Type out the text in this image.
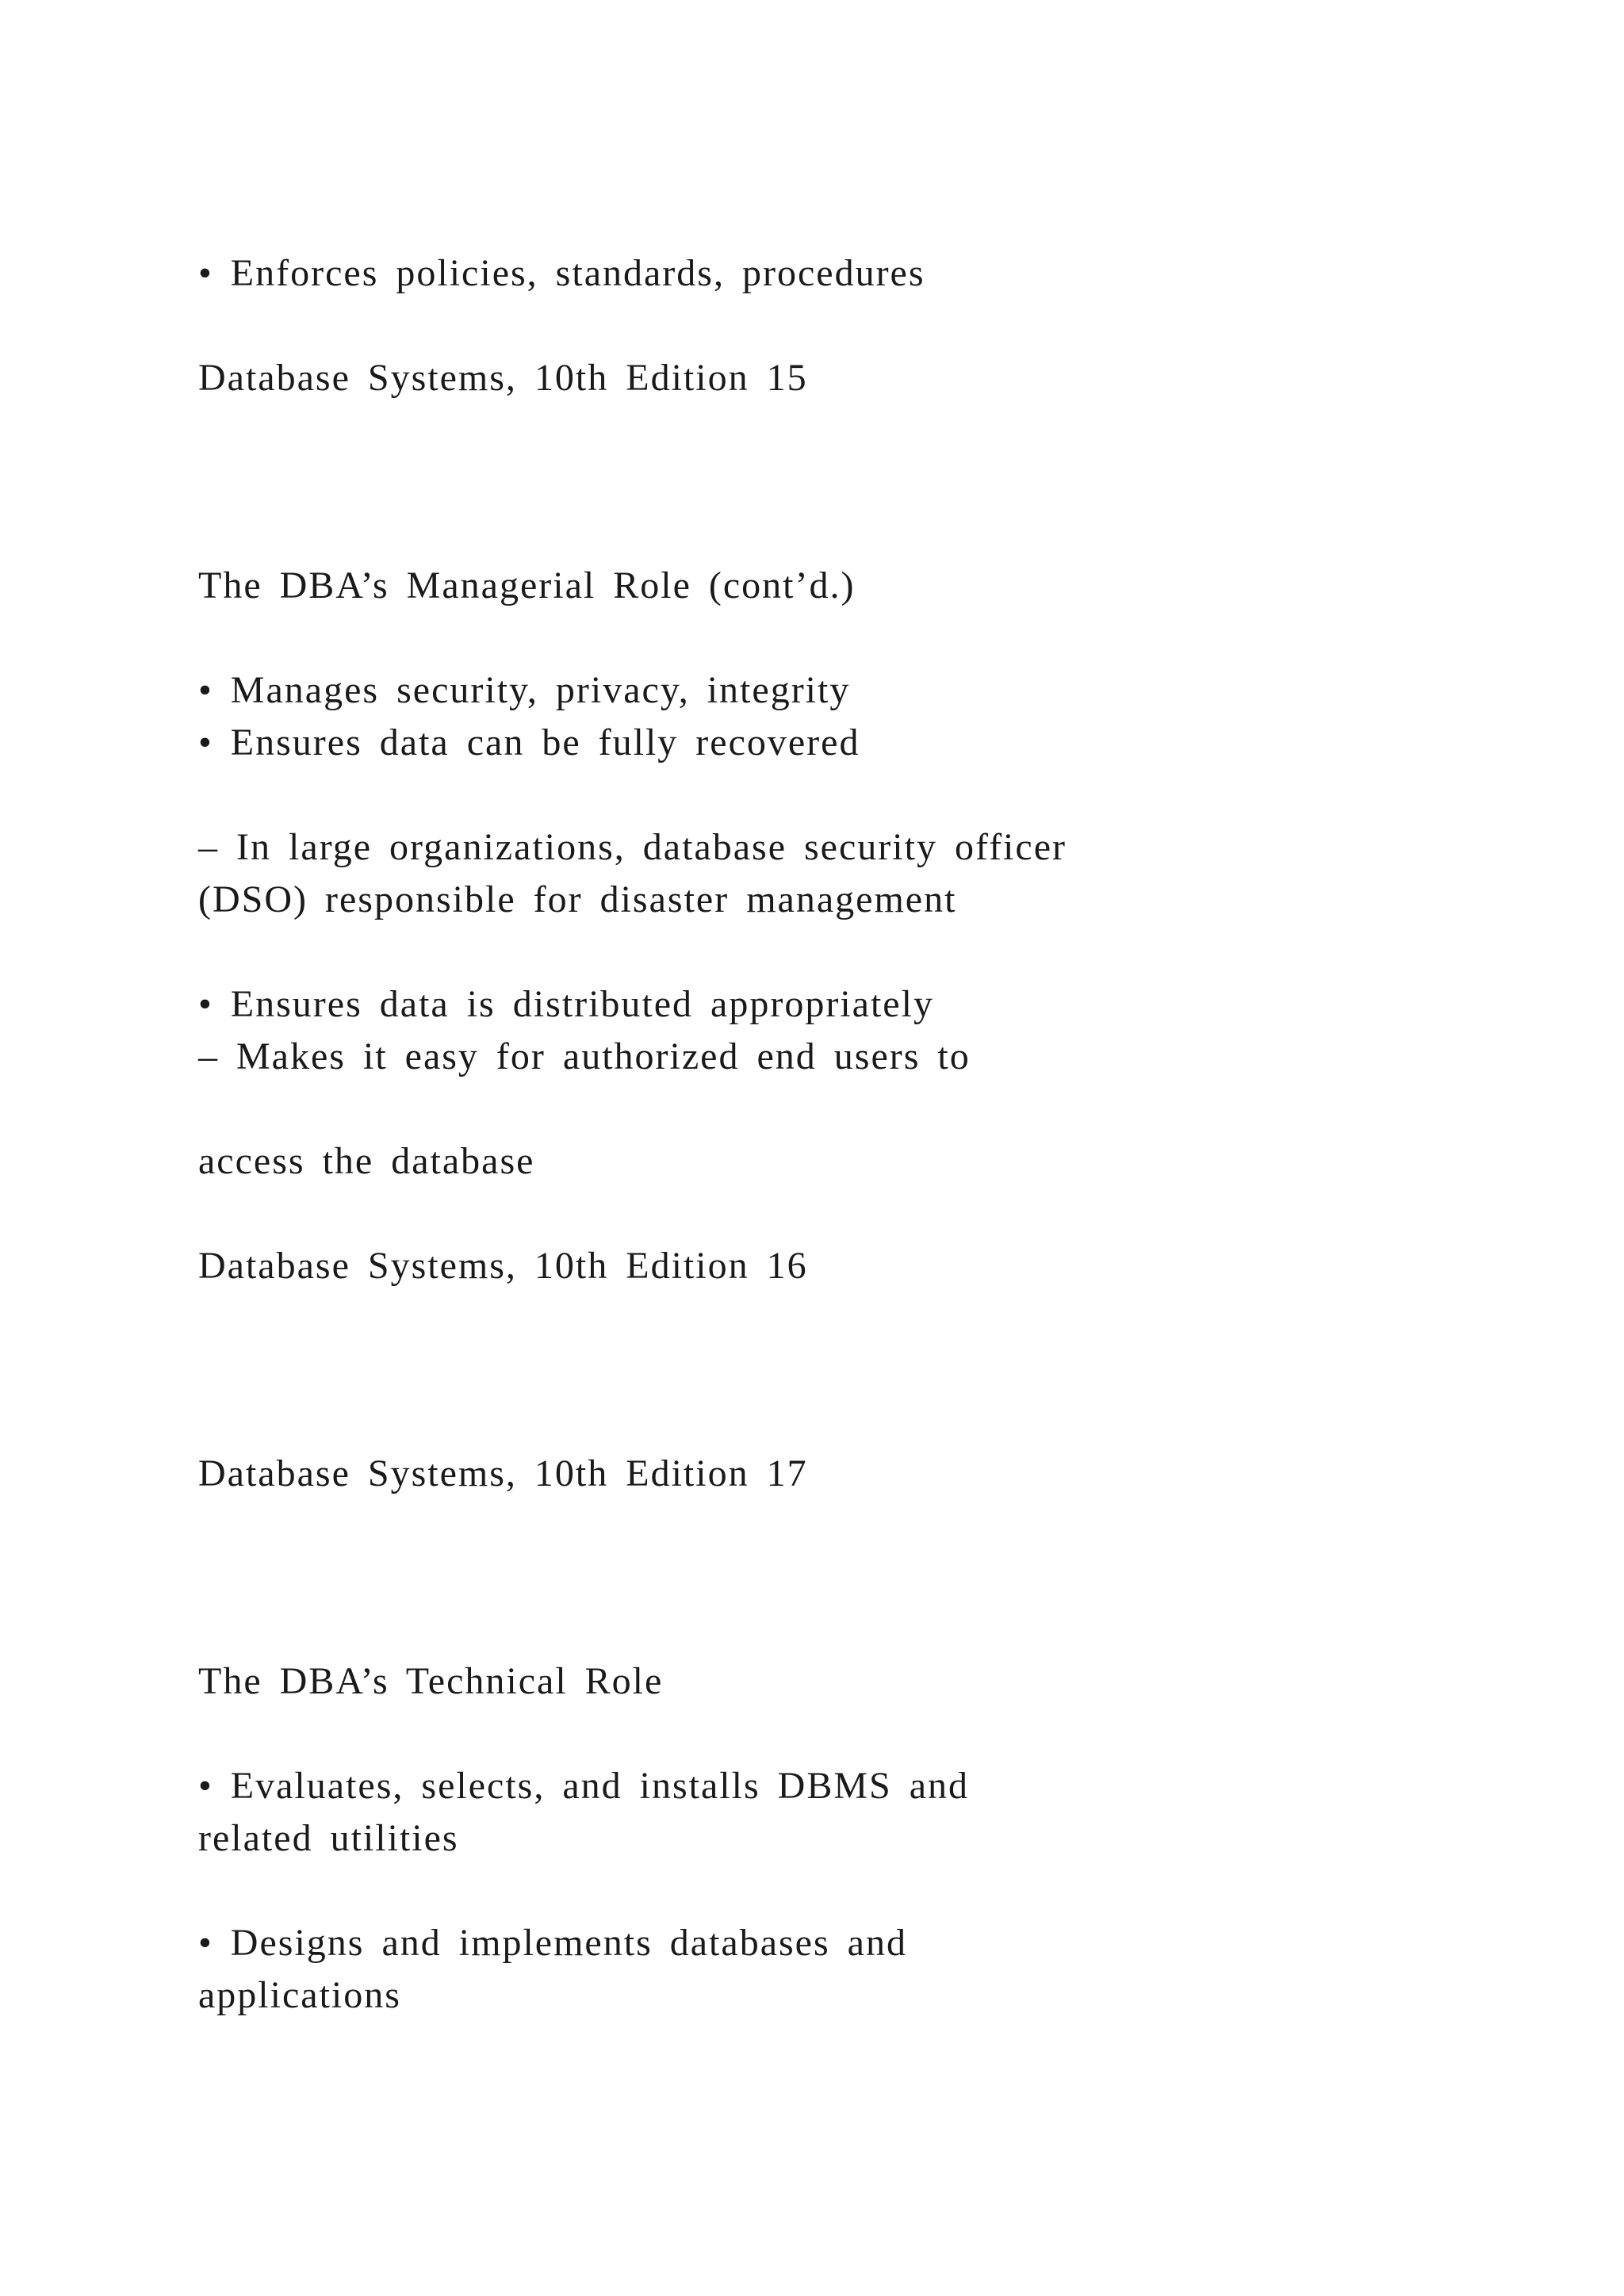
• Enforces policies, standards, procedures

Database Systems, 10th Edition 15

The DBA’s Managerial Role (cont’d.)

• Manages security, privacy, integrity

• Ensures data can be fully recovered

– In large organizations, database security officer

(DSO) responsible for disaster management

• Ensures data is distributed appropriately

– Makes it easy for authorized end users to

access the database

Database Systems, 10th Edition 16

Database Systems, 10th Edition 17

The DBA’s Technical Role

• Evaluates, selects, and installs DBMS and

related utilities

• Designs and implements databases and

applications
